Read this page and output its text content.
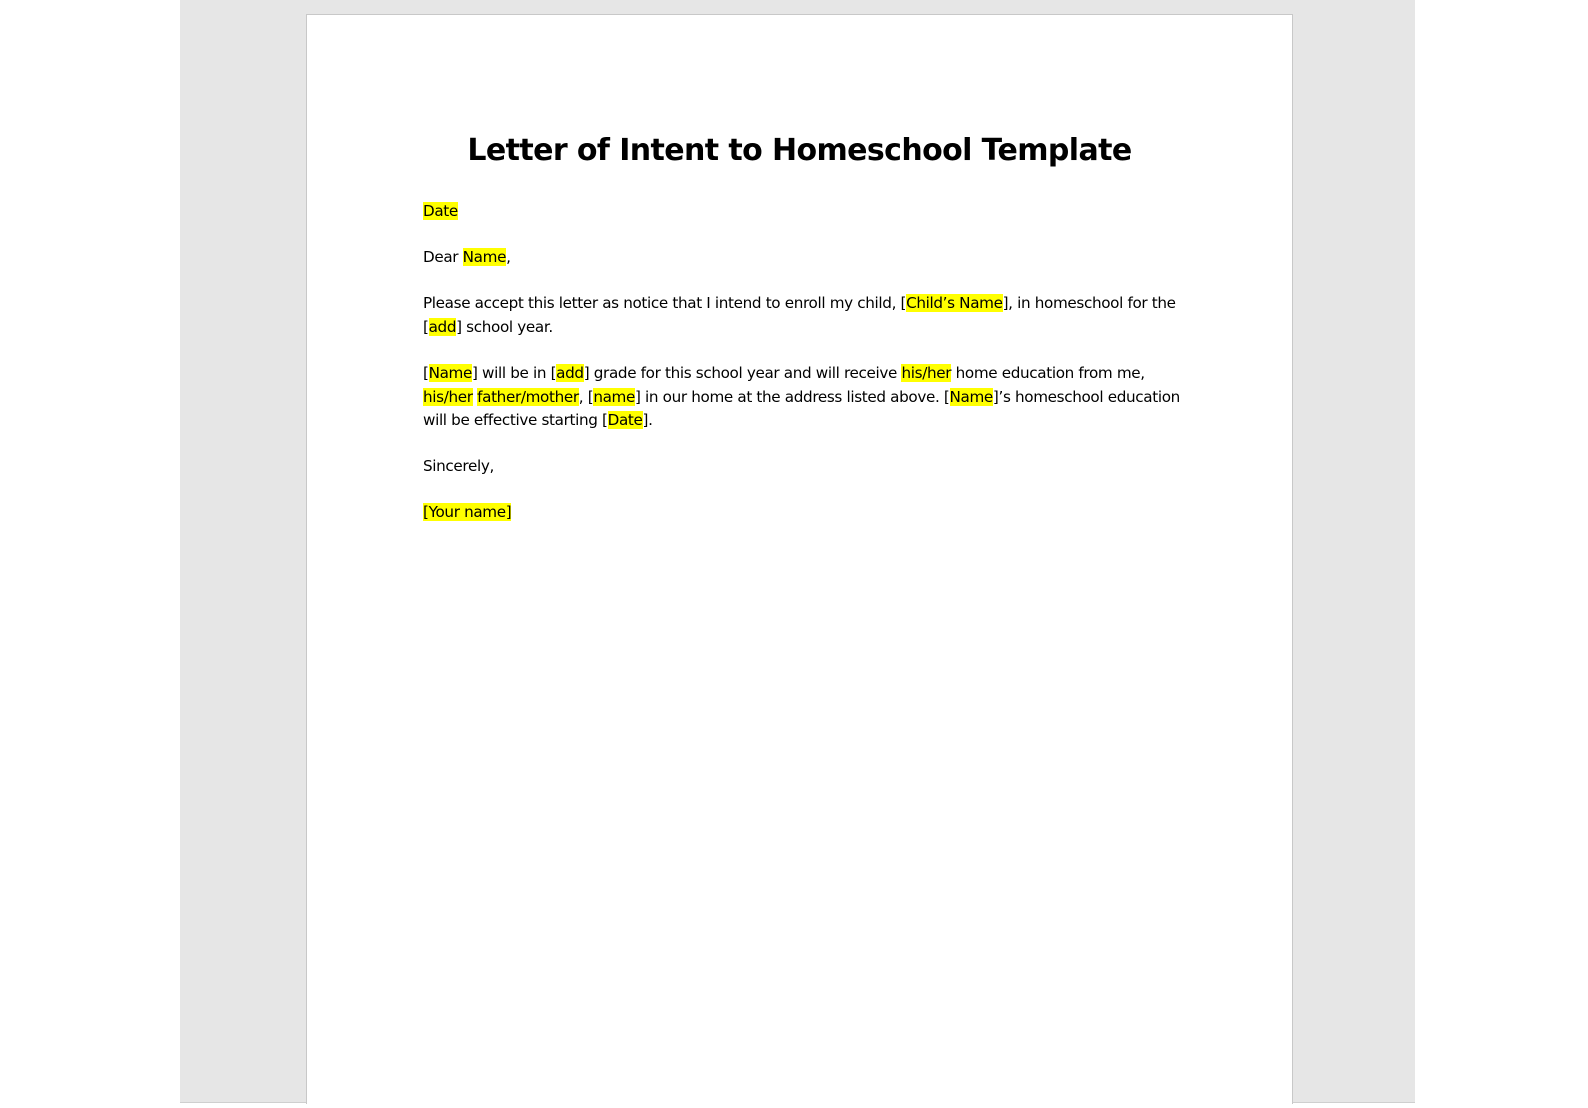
Letter of Intent to Homeschool Template

Date

Dear Name,

Please accept this letter as notice that I intend to enroll my child, [Child’s Name], in homeschool for the [add] school year.

[Name] will be in [add] grade for this school year and will receive his/her home education from me, his/her father/mother, [name] in our home at the address listed above. [Name]’s homeschool education will be effective starting [Date].

Sincerely,

[Your name]
